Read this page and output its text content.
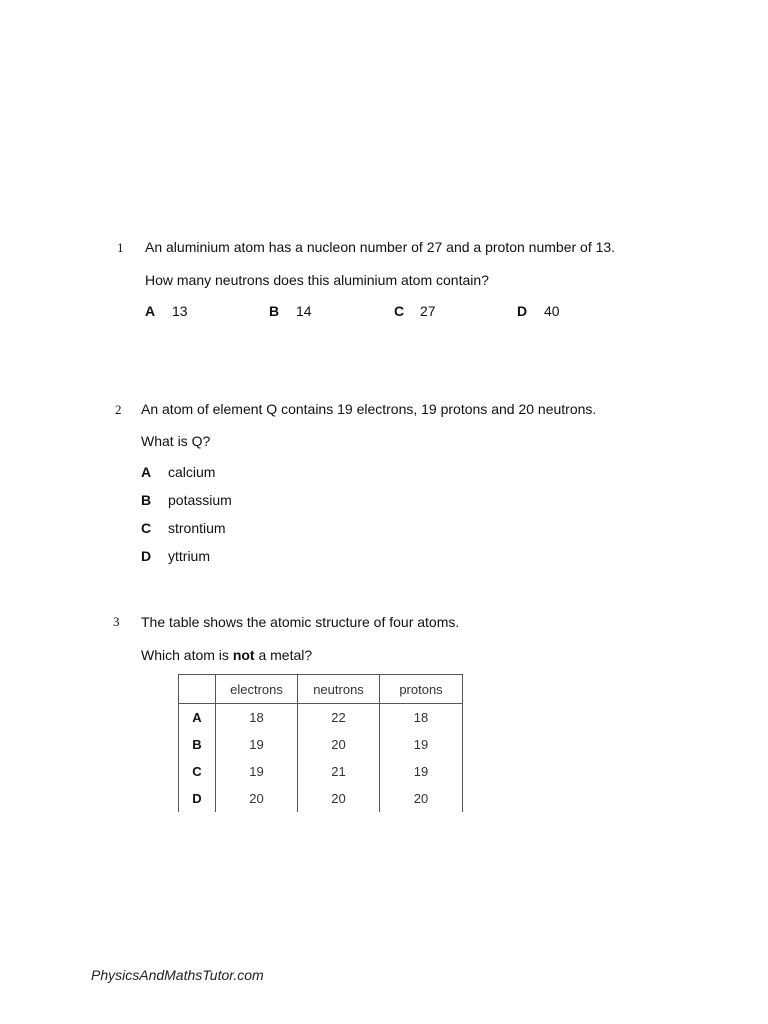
1 An aluminium atom has a nucleon number of 27 and a proton number of 13.
How many neutrons does this aluminium atom contain?
A 13	B 14	C 27	D 40
2 An atom of element Q contains 19 electrons, 19 protons and 20 neutrons.
What is Q?
A calcium
B potassium
C strontium
D yttrium
3 The table shows the atomic structure of four atoms.
Which atom is not a metal?
	electrons	neutrons	protons
A	18	22	18
B	19	20	19
C	19	21	19
D	20	20	20
PhysicsAndMathsTutor.com
